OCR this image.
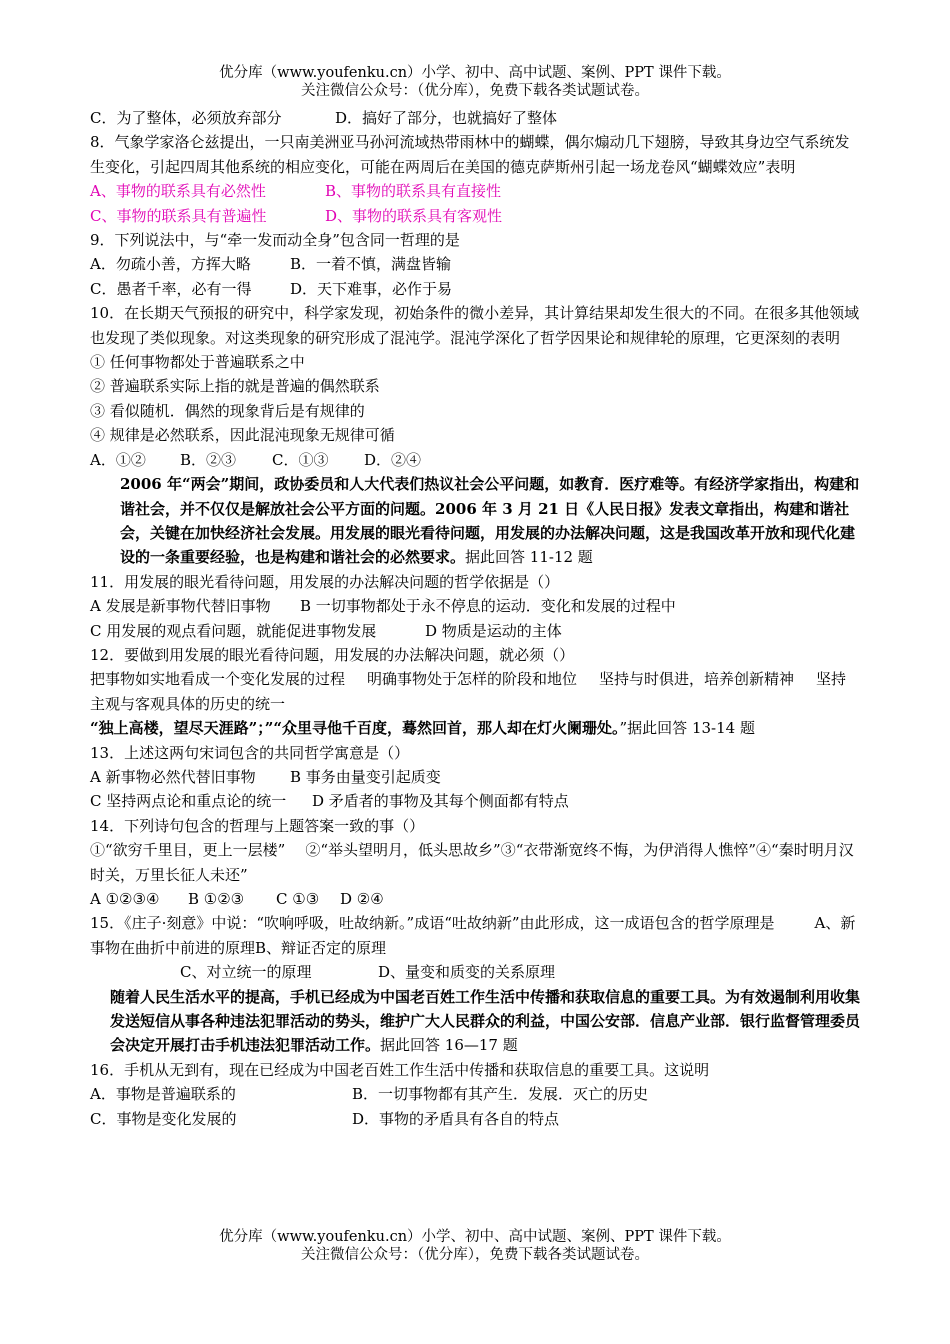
优分库（www.youfenku.cn）小学、初中、高中试题、案例、PPT 课件下载。
关注微信公众号：（优分库），免费下载各类试题试卷。
C．为了整体，必须放弃部分	D．搞好了部分，也就搞好了整体
8．气象学家洛仑兹提出，一只南美洲亚马孙河流域热带雨林中的蝴蝶，偶尔煽动几下翅膀，导致其身边空气系统发生变化，引起四周其他系统的相应变化，可能在两周后在美国的德克萨斯州引起一场龙卷风“蝴蝶效应”表明
A、事物的联系具有必然性	B、事物的联系具有直接性
C、事物的联系具有普遍性	D、事物的联系具有客观性
9．下列说法中，与“牵一发而动全身”包含同一哲理的是
A．勿疏小善，方挥大略	B．一着不慎，满盘皆输
C．愚者千率，必有一得	D．天下难事，必作于易
10．在长期天气预报的研究中，科学家发现，初始条件的微小差异，其计算结果却发生很大的不同。在很多其他领域也发现了类似现象。对这类现象的研究形成了混沌学。混沌学深化了哲学因果论和规律轮的原理，它更深刻的表明
① 任何事物都处于普遍联系之中
② 普遍联系实际上指的就是普遍的偶然联系
③ 看似随机．偶然的现象背后是有规律的
④ 规律是必然联系，因此混沌现象无规律可循
A．①② B．②③ C．①③ D．②④
2006 年“两会”期间，政协委员和人大代表们热议社会公平问题，如教育．医疗难等。有经济学家指出，构建和谐社会，并不仅仅是解放社会公平方面的问题。2006 年 3 月 21 日《人民日报》发表文章指出，构建和谐社会，关键在加快经济社会发展。用发展的眼光看待问题，用发展的办法解决问题，这是我国改革开放和现代化建设的一条重要经验，也是构建和谐社会的必然要求。据此回答 11-12 题
11．用发展的眼光看待问题，用发展的办法解决问题的哲学依据是（）
A 发展是新事物代替旧事物 B 一切事物都处于永不停息的运动．变化和发展的过程中
C 用发展的观点看问题，就能促进事物发展	D 物质是运动的主体
12．要做到用发展的眼光看待问题，用发展的办法解决问题，就必须（）
把事物如实地看成一个变化发展的过程 明确事物处于怎样的阶段和地位 坚持与时俱进，培养创新精神 坚持主观与客观具体的历史的统一
“独上高楼，望尽天涯路”；”“众里寻他千百度，蓦然回首，那人却在灯火阑珊处。”据此回答 13-14 题
13．上述这两句宋词包含的共同哲学寓意是（）
A 新事物必然代替旧事物 B 事务由量变引起质变
C 坚持两点论和重点论的统一 D 矛盾者的事物及其每个侧面都有特点
14．下列诗句包含的哲理与上题答案一致的事（）
①“欲穷千里目，更上一层楼” ②“举头望明月，低头思故乡”③“衣带渐宽终不悔，为伊消得人憔悴”④“秦时明月汉时关，万里长征人未还”
A ①②③④ B ①②③ C ①③ D ②④
15．《庄子·刻意》中说：“吹响呼吸，吐故纳新。”成语“吐故纳新”由此形成，这一成语包含的哲学原理是	A、新事物在曲折中前进的原理B、辩证否定的原理
C、对立统一的原理	D、量变和质变的关系原理
随着人民生活水平的提高，手机已经成为中国老百姓工作生活中传播和获取信息的重要工具。为有效遏制利用收集发送短信从事各种违法犯罪活动的势头，维护广大人民群众的利益，中国公安部．信息产业部．银行监督管理委员会决定开展打击手机违法犯罪活动工作。据此回答 16—17 题
16．手机从无到有，现在已经成为中国老百姓工作生活中传播和获取信息的重要工具。这说明
A．事物是普遍联系的	B．一切事物都有其产生．发展．灭亡的历史
C．事物是变化发展的	D．事物的矛盾具有各自的特点
优分库（www.youfenku.cn）小学、初中、高中试题、案例、PPT 课件下载。
关注微信公众号：（优分库），免费下载各类试题试卷。
